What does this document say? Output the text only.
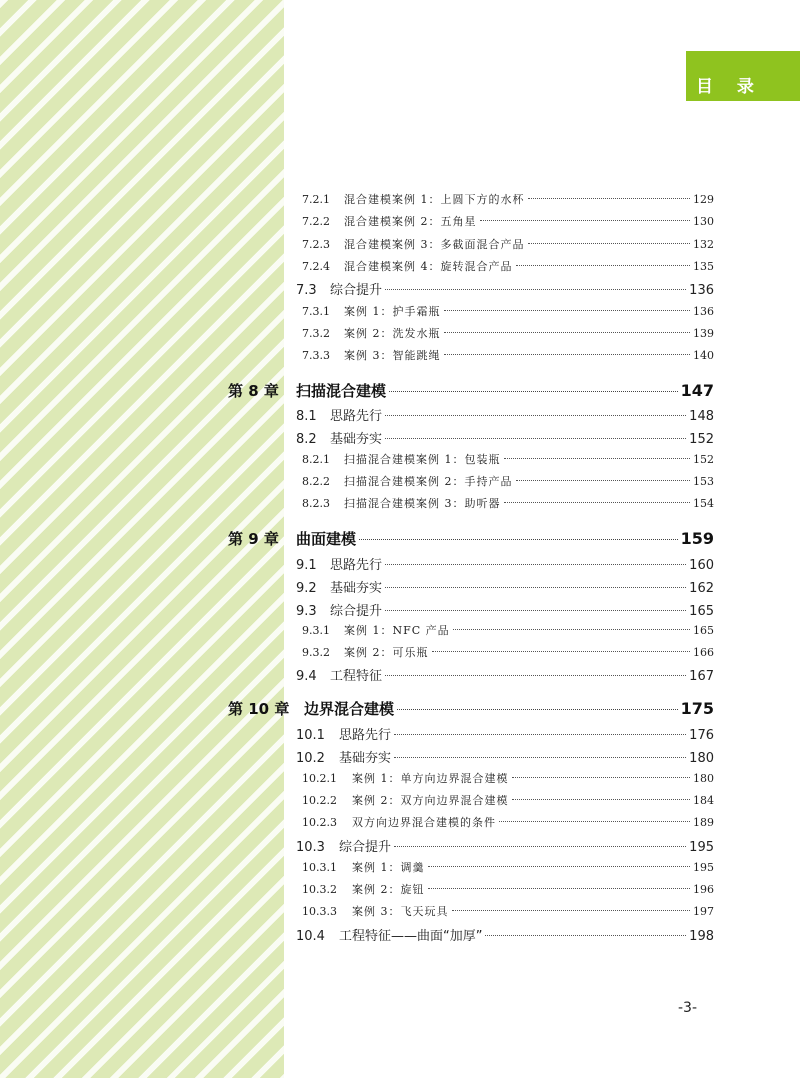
目 录
7.2.1	混合建模案例 1：上圆下方的水杯	129
7.2.2	混合建模案例 2：五角星	130
7.2.3	混合建模案例 3：多截面混合产品	132
7.2.4	混合建模案例 4：旋转混合产品	135
7.3	综合提升	136
7.3.1	案例 1：护手霜瓶	136
7.3.2	案例 2：洗发水瓶	139
7.3.3	案例 3：智能跳绳	140
第 8 章	扫描混合建模	147
8.1	思路先行	148
8.2	基础夯实	152
8.2.1	扫描混合建模案例 1：包装瓶	152
8.2.2	扫描混合建模案例 2：手持产品	153
8.2.3	扫描混合建模案例 3：助听器	154
第 9 章	曲面建模	159
9.1	思路先行	160
9.2	基础夯实	162
9.3	综合提升	165
9.3.1	案例 1：NFC 产品	165
9.3.2	案例 2：可乐瓶	166
9.4	工程特征	167
第 10 章 边界混合建模	175
10.1	思路先行	176
10.2	基础夯实	180
10.2.1	案例 1：单方向边界混合建模	180
10.2.2	案例 2：双方向边界混合建模	184
10.2.3	双方向边界混合建模的条件	189
10.3	综合提升	195
10.3.1	案例 1：调羹	195
10.3.2	案例 2：旋钮	196
10.3.3	案例 3：飞天玩具	197
10.4	工程特征——曲面“加厚”	198
-3-
